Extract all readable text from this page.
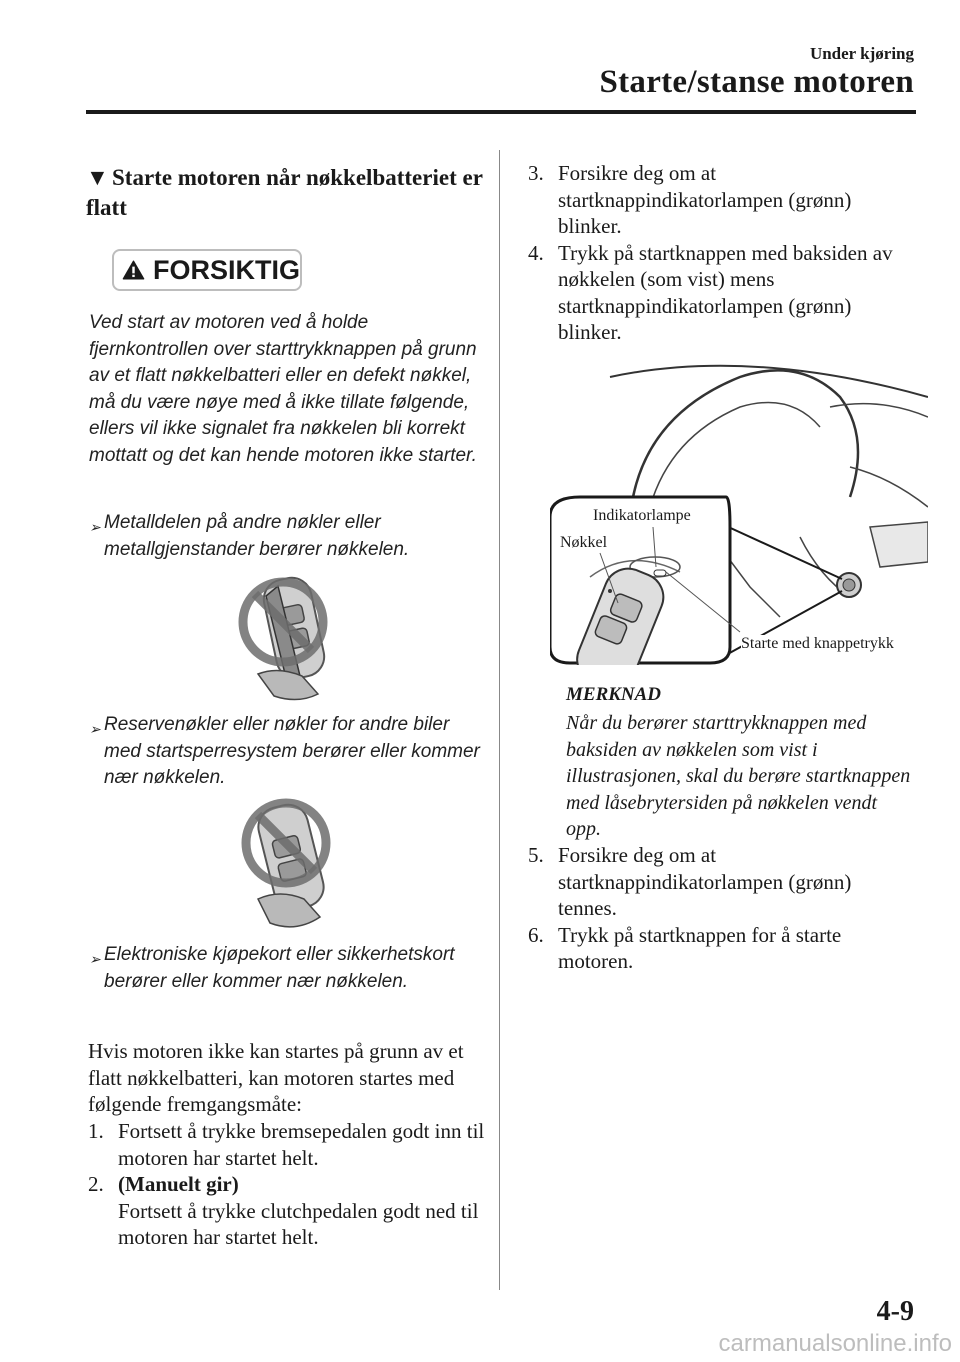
Under kjøring
Starte/stanse motoren
▼ Starte motoren når nøkkelbatteriet er flatt
FORSIKTIG
Ved start av motoren ved å holde fjernkontrollen over starttrykknappen på grunn av et flatt nøkkelbatteri eller en defekt nøkkel, må du være nøye med å ikke tillate følgende, ellers vil ikke signalet fra nøkkelen bli korrekt mottatt og det kan hende motoren ikke starter.
➢ Metalldelen på andre nøkler eller metallgjenstander berører nøkkelen.
➢ Reservenøkler eller nøkler for andre biler med startsperresystem berører eller kommer nær nøkkelen.
➢ Elektroniske kjøpekort eller sikkerhetskort berører eller kommer nær nøkkelen.
Hvis motoren ikke kan startes på grunn av et flatt nøkkelbatteri, kan motoren startes med følgende fremgangsmåte:
1. Fortsett å trykke bremsepedalen godt inn til motoren har startet helt.
2. (Manuelt gir)
Fortsett å trykke clutchpedalen godt ned til motoren har startet helt.
3. Forsikre deg om at startknappindikatorlampen (grønn) blinker.
4. Trykk på startknappen med baksiden av nøkkelen (som vist) mens startknappindikatorlampen (grønn) blinker.
Indikatorlampe
Nøkkel
Starte med knappetrykk
MERKNAD
Når du berører starttrykknappen med baksiden av nøkkelen som vist i illustrasjonen, skal du berøre startknappen med låsebrytersiden på nøkkelen vendt opp.
5. Forsikre deg om at startknappindikatorlampen (grønn) tennes.
6. Trykk på startknappen for å starte motoren.
4-9
carmanualsonline.info
